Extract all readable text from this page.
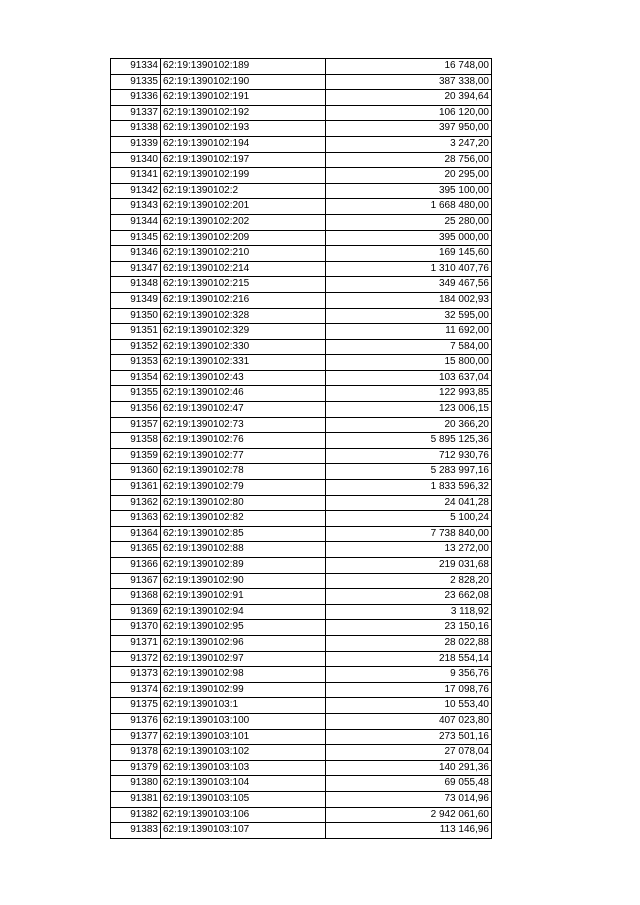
91334	62:19:1390102:189	16 748,00
91335	62:19:1390102:190	387 338,00
91336	62:19:1390102:191	20 394,64
91337	62:19:1390102:192	106 120,00
91338	62:19:1390102:193	397 950,00
91339	62:19:1390102:194	3 247,20
91340	62:19:1390102:197	28 756,00
91341	62:19:1390102:199	20 295,00
91342	62:19:1390102:2	395 100,00
91343	62:19:1390102:201	1 668 480,00
91344	62:19:1390102:202	25 280,00
91345	62:19:1390102:209	395 000,00
91346	62:19:1390102:210	169 145,60
91347	62:19:1390102:214	1 310 407,76
91348	62:19:1390102:215	349 467,56
91349	62:19:1390102:216	184 002,93
91350	62:19:1390102:328	32 595,00
91351	62:19:1390102:329	11 692,00
91352	62:19:1390102:330	7 584,00
91353	62:19:1390102:331	15 800,00
91354	62:19:1390102:43	103 637,04
91355	62:19:1390102:46	122 993,85
91356	62:19:1390102:47	123 006,15
91357	62:19:1390102:73	20 366,20
91358	62:19:1390102:76	5 895 125,36
91359	62:19:1390102:77	712 930,76
91360	62:19:1390102:78	5 283 997,16
91361	62:19:1390102:79	1 833 596,32
91362	62:19:1390102:80	24 041,28
91363	62:19:1390102:82	5 100,24
91364	62:19:1390102:85	7 738 840,00
91365	62:19:1390102:88	13 272,00
91366	62:19:1390102:89	219 031,68
91367	62:19:1390102:90	2 828,20
91368	62:19:1390102:91	23 662,08
91369	62:19:1390102:94	3 118,92
91370	62:19:1390102:95	23 150,16
91371	62:19:1390102:96	28 022,88
91372	62:19:1390102:97	218 554,14
91373	62:19:1390102:98	9 356,76
91374	62:19:1390102:99	17 098,76
91375	62:19:1390103:1	10 553,40
91376	62:19:1390103:100	407 023,80
91377	62:19:1390103:101	273 501,16
91378	62:19:1390103:102	27 078,04
91379	62:19:1390103:103	140 291,36
91380	62:19:1390103:104	69 055,48
91381	62:19:1390103:105	73 014,96
91382	62:19:1390103:106	2 942 061,60
91383	62:19:1390103:107	113 146,96
